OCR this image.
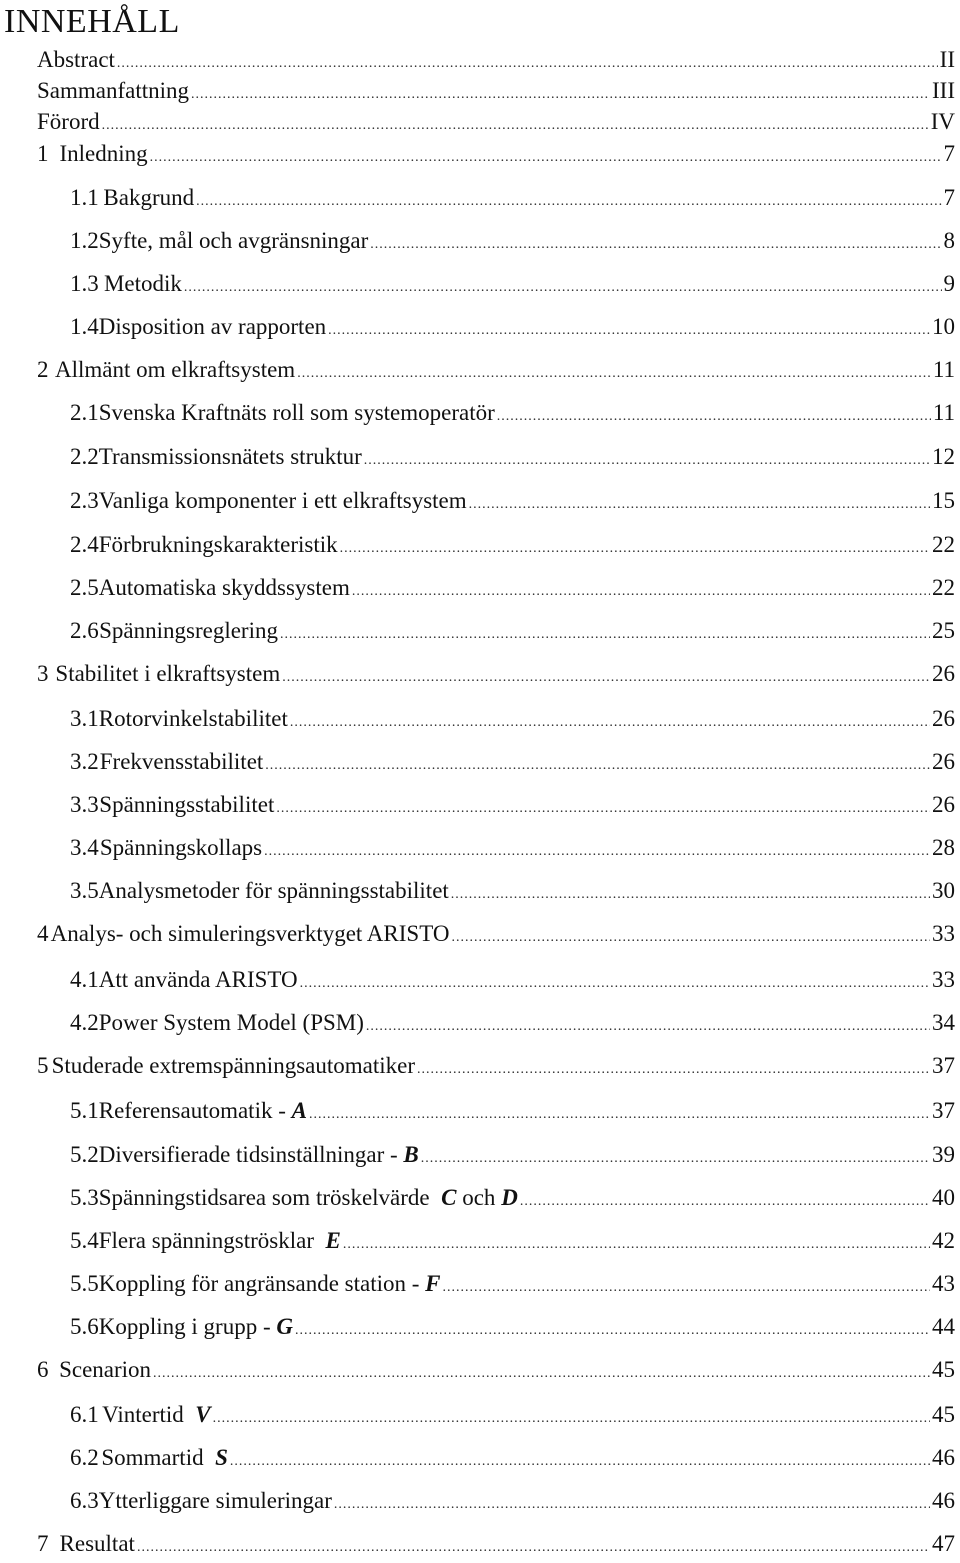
INNEHÅLL
Abstract .....	II
Sammanfattning .....	III
Förord .....	IV
1 Inledning .....	7
1.1 Bakgrund .....	7
1.2 Syfte, mål och avgränsningar .....	8
1.3 Metodik .....	9
1.4 Disposition av rapporten .....	10
2 Allmänt om elkraftsystem .....	11
2.1 Svenska Kraftnäts roll som systemoperatör .....	11
2.2 Transmissionsnätets struktur .....	12
2.3 Vanliga komponenter i ett elkraftsystem .....	15
2.4 Förbrukningskarakteristik .....	22
2.5 Automatiska skyddssystem .....	22
2.6 Spänningsreglering .....	25
3 Stabilitet i elkraftsystem .....	26
3.1 Rotorvinkelstabilitet .....	26
3.2 Frekvensstabilitet .....	26
3.3 Spänningsstabilitet .....	26
3.4 Spänningskollaps .....	28
3.5 Analysmetoder för spänningsstabilitet .....	30
4 Analys- och simuleringsverktyget ARISTO .....	33
4.1 Att använda ARISTO .....	33
4.2 Power System Model (PSM) .....	34
5 Studerade extremspänningsautomatiker .....	37
5.1 Referensautomatik - A .....	37
5.2 Diversifierade tidsinställningar - B .....	39
5.3 Spänningstidsarea som tröskelvärde  C och D .....	40
5.4 Flera spänningströsklar  E .....	42
5.5 Koppling för angränsande station - F .....	43
5.6 Koppling i grupp - G .....	44
6 Scenarion .....	45
6.1 Vintertid  V .....	45
6.2 Sommartid  S .....	46
6.3 Ytterliggare simuleringar .....	46
7 Resultat .....	47
